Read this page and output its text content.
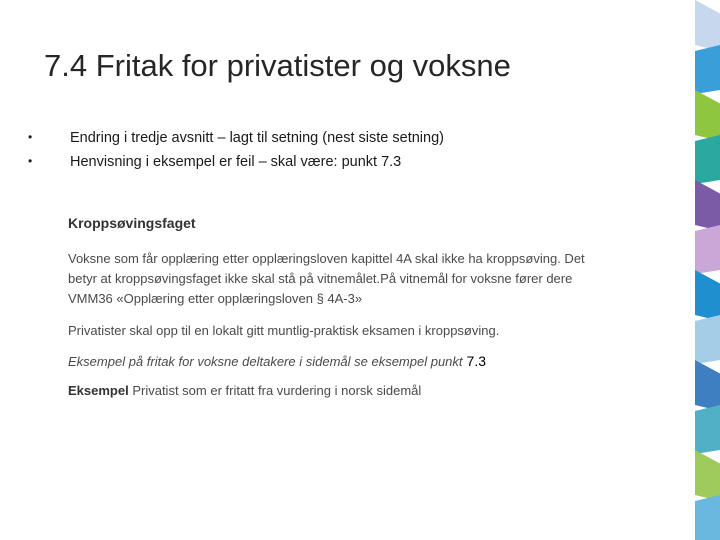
7.4 Fritak for privatister og voksne
•	Endring i tredje avsnitt – lagt til setning (nest siste setning)
•	Henvisning i eksempel er feil – skal være: punkt 7.3
Kroppsøvingsfaget
Voksne som får opplæring etter opplæringsloven kapittel 4A skal ikke ha kroppsøving. Det
betyr at kroppsøvingsfaget ikke skal stå på vitnemålet.På vitnemål for voksne fører dere
VMM36 «Opplæring etter opplæringsloven § 4A-3»
Privatister skal opp til en lokalt gitt muntlig-praktisk eksamen i kroppsøving.
Eksempel på fritak for voksne deltakere i sidemål se eksempel punkt 7.3
Eksempel Privatist som er fritatt fra vurdering i norsk sidemål
